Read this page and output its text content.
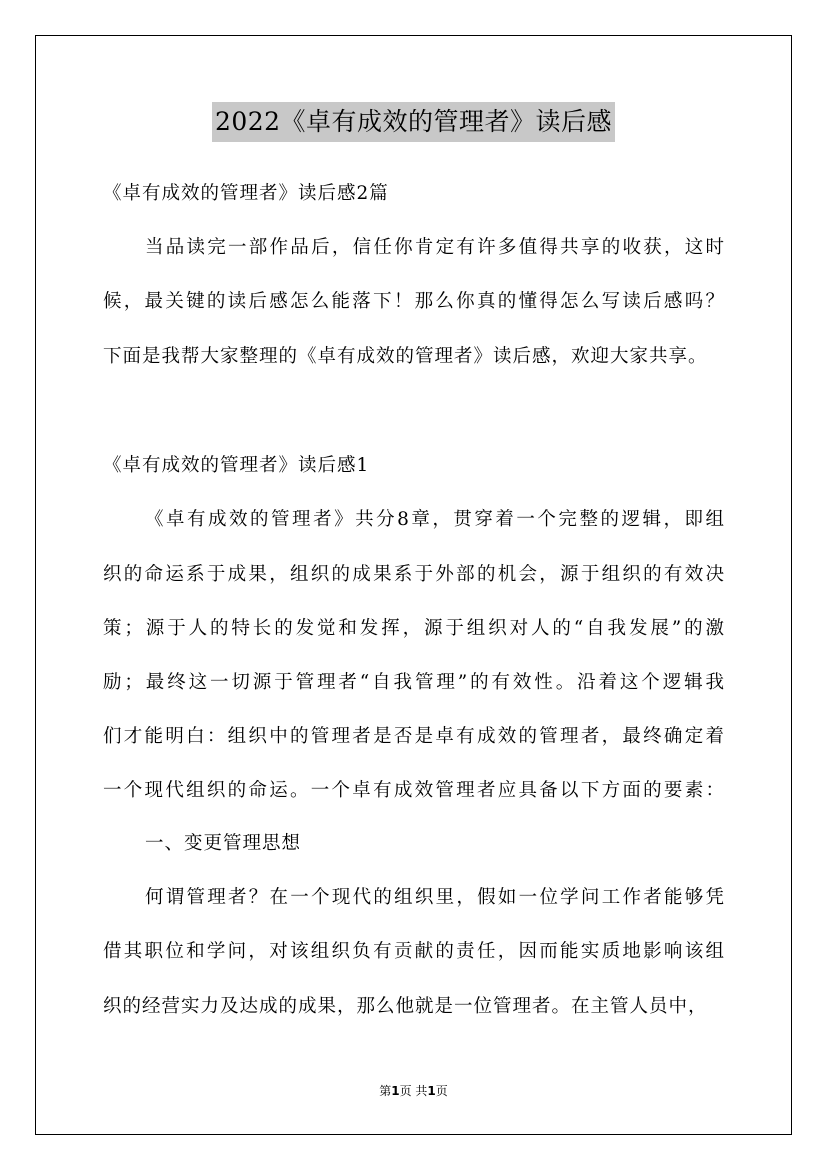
2022《卓有成效的管理者》读后感
《卓有成效的管理者》读后感2篇
当品读完一部作品后，信任你肯定有许多值得共享的收获，这时
候，最关键的读后感怎么能落下！那么你真的懂得怎么写读后感吗？
下面是我帮大家整理的《卓有成效的管理者》读后感，欢迎大家共享。
《卓有成效的管理者》读后感1
《卓有成效的管理者》共分8章，贯穿着一个完整的逻辑，即组
织的命运系于成果，组织的成果系于外部的机会，源于组织的有效决
策；源于人的特长的发觉和发挥，源于组织对人的“自我发展”的激
励；最终这一切源于管理者“自我管理”的有效性。沿着这个逻辑我
们才能明白：组织中的管理者是否是卓有成效的管理者，最终确定着
一个现代组织的命运。一个卓有成效管理者应具备以下方面的要素：
一、变更管理思想
何谓管理者？在一个现代的组织里，假如一位学问工作者能够凭
借其职位和学问，对该组织负有贡献的责任，因而能实质地影响该组
织的经营实力及达成的成果，那么他就是一位管理者。在主管人员中，
第1页 共1页
